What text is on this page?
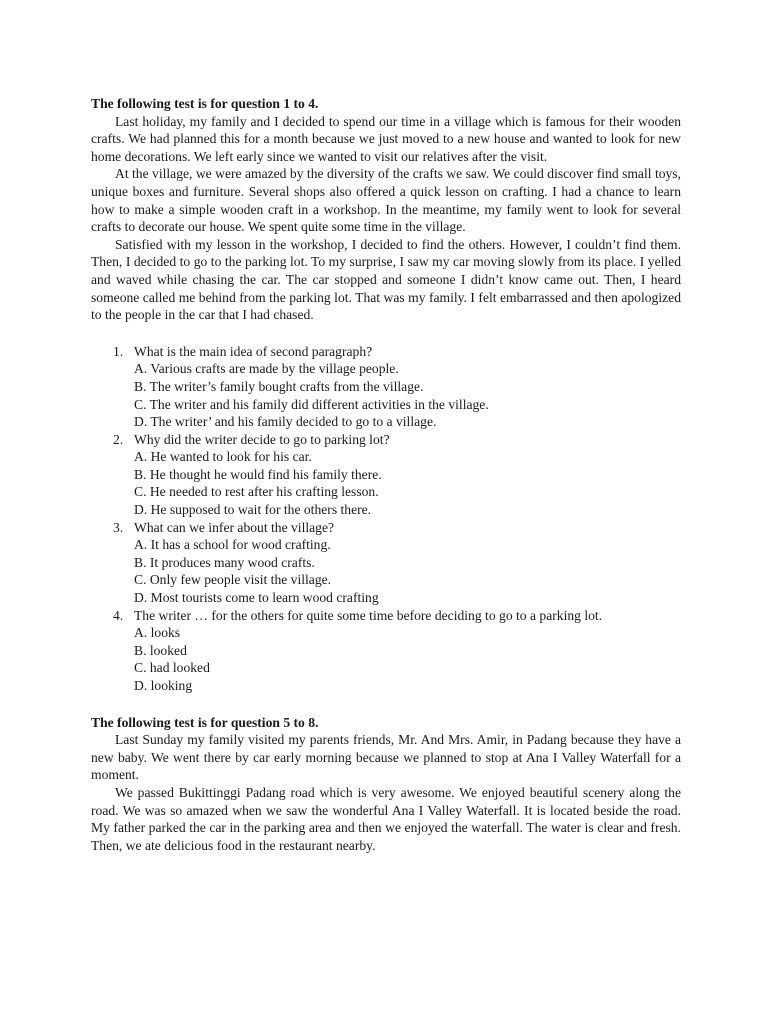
The following test is for question 1 to 4.

Last holiday, my family and I decided to spend our time in a village which is famous for their wooden crafts. We had planned this for a month because we just moved to a new house and wanted to look for new home decorations. We left early since we wanted to visit our relatives after the visit.

At the village, we were amazed by the diversity of the crafts we saw. We could discover find small toys, unique boxes and furniture. Several shops also offered a quick lesson on crafting. I had a chance to learn how to make a simple wooden craft in a workshop. In the meantime, my family went to look for several crafts to decorate our house. We spent quite some time in the village.

Satisfied with my lesson in the workshop, I decided to find the others. However, I couldn’t find them. Then, I decided to go to the parking lot. To my surprise, I saw my car moving slowly from its place. I yelled and waved while chasing the car. The car stopped and someone I didn’t know came out. Then, I heard someone called me behind from the parking lot. That was my family. I felt embarrassed and then apologized to the people in the car that I had chased.

1. What is the main idea of second paragraph?
A. Various crafts are made by the village people.
B. The writer’s family bought crafts from the village.
C. The writer and his family did different activities in the village.
D. The writer’ and his family decided to go to a village.
2. Why did the writer decide to go to parking lot?
A. He wanted to look for his car.
B. He thought he would find his family there.
C. He needed to rest after his crafting lesson.
D. He supposed to wait for the others there.
3. What can we infer about the village?
A. It has a school for wood crafting.
B. It produces many wood crafts.
C. Only few people visit the village.
D. Most tourists come to learn wood crafting
4. The writer … for the others for quite some time before deciding to go to a parking lot.
A. looks
B. looked
C. had looked
D. looking

The following test is for question 5 to 8.

Last Sunday my family visited my parents friends, Mr. And Mrs. Amir, in Padang because they have a new baby. We went there by car early morning because we planned to stop at Ana I Valley Waterfall for a moment.

We passed Bukittinggi Padang road which is very awesome. We enjoyed beautiful scenery along the road. We was so amazed when we saw the wonderful Ana I Valley Waterfall. It is located beside the road. My father parked the car in the parking area and then we enjoyed the waterfall. The water is clear and fresh. Then, we ate delicious food in the restaurant nearby.
